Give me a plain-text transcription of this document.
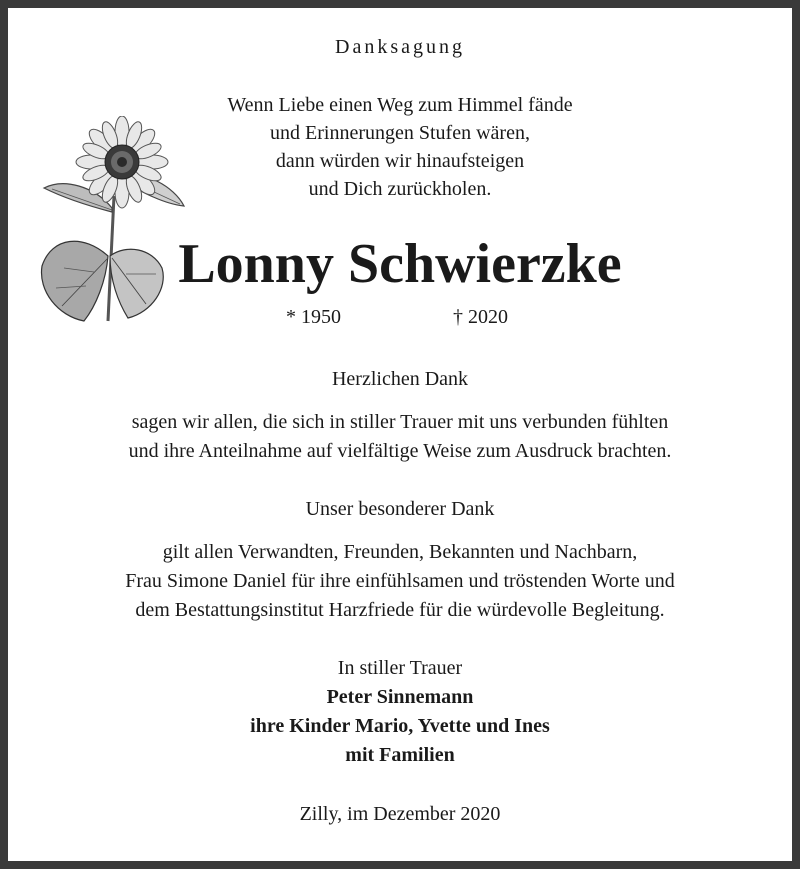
Danksagung
Wenn Liebe einen Weg zum Himmel fände
und Erinnerungen Stufen wären,
dann würden wir hinaufsteigen
und Dich zurückholen.
Lonny Schwierzke
* 1950	† 2020
Herzlichen Dank
sagen wir allen, die sich in stiller Trauer mit uns verbunden fühlten
und ihre Anteilnahme auf vielfältige Weise zum Ausdruck brachten.
Unser besonderer Dank
gilt allen Verwandten, Freunden, Bekannten und Nachbarn,
Frau Simone Daniel für ihre einfühlsamen und tröstenden Worte und
dem Bestattungsinstitut Harzfriede für die würdevolle Begleitung.
In stiller Trauer
Peter Sinnemann
ihre Kinder Mario, Yvette und Ines
mit Familien
Zilly, im Dezember 2020
